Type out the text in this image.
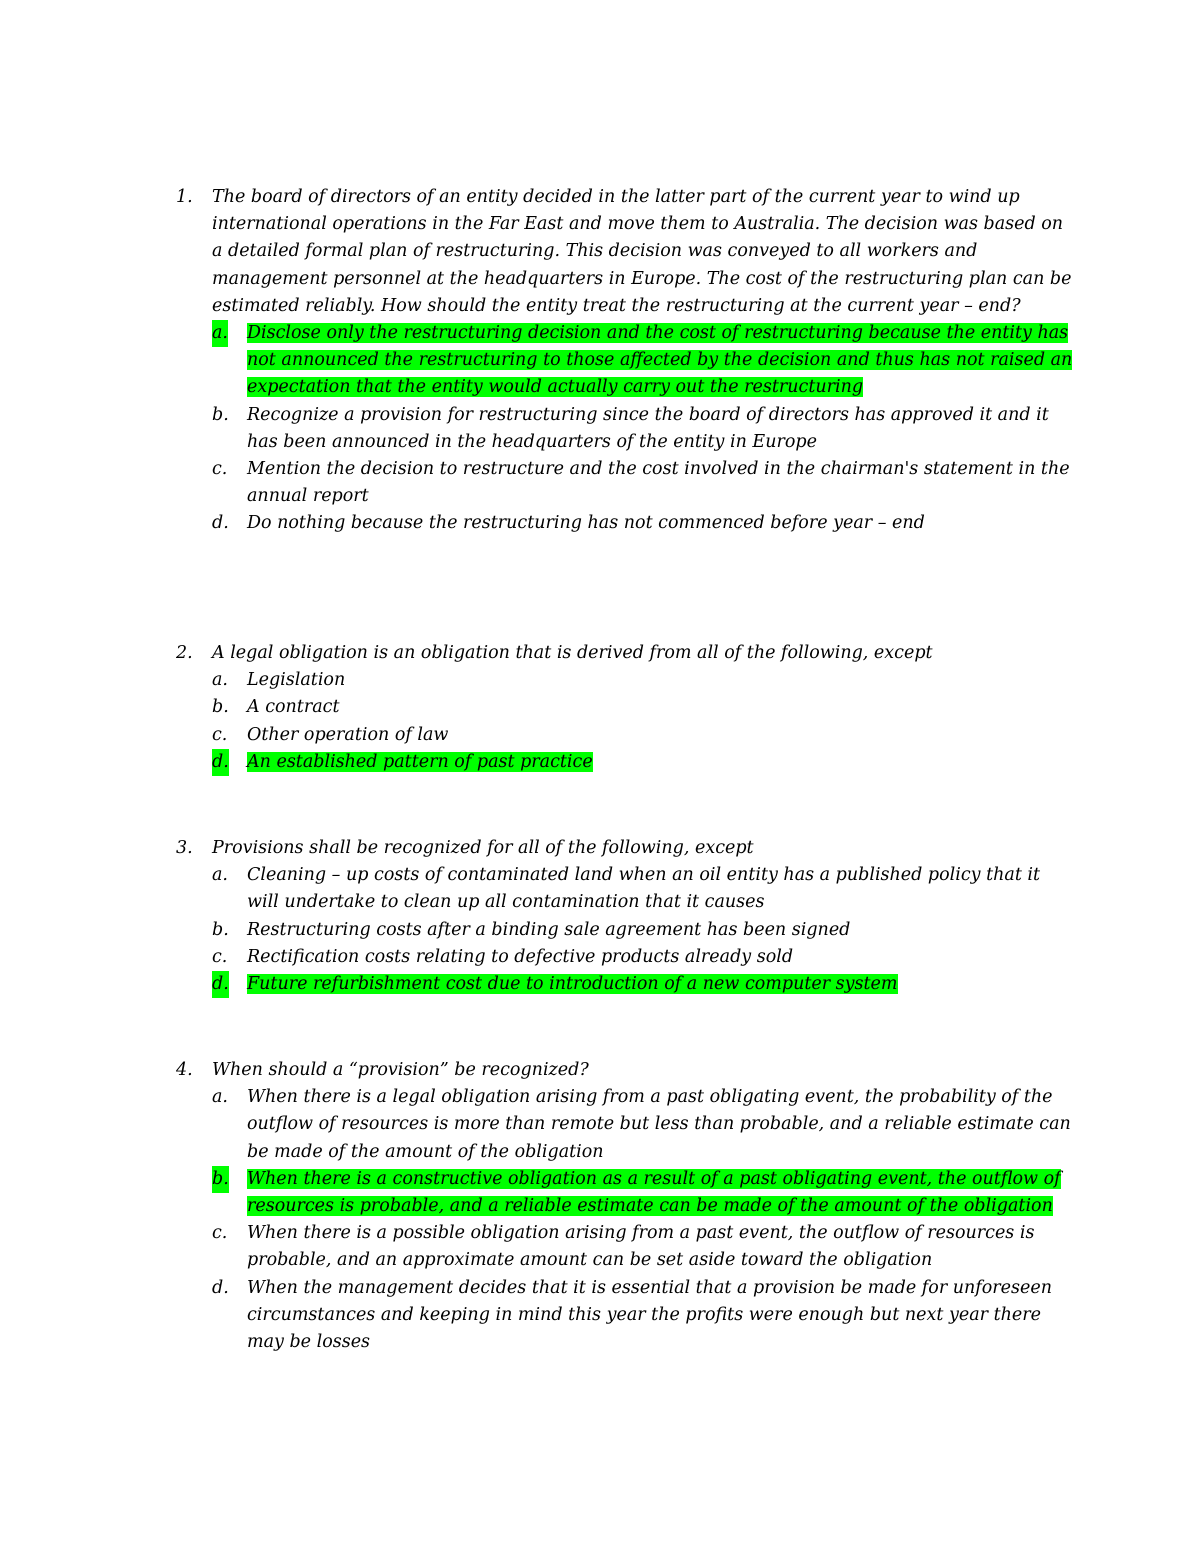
1. The board of directors of an entity decided in the latter part of the current year to wind up international operations in the Far East and move them to Australia. The decision was based on a detailed formal plan of restructuring. This decision was conveyed to all workers and management personnel at the headquarters in Europe. The cost of the restructuring plan can be estimated reliably. How should the entity treat the restructuring at the current year – end?
a. Disclose only the restructuring decision and the cost of restructuring because the entity has not announced the restructuring to those affected by the decision and thus has not raised an expectation that the entity would actually carry out the restructuring
b. Recognize a provision for restructuring since the board of directors has approved it and it has been announced in the headquarters of the entity in Europe
c. Mention the decision to restructure and the cost involved in the chairman's statement in the annual report
d. Do nothing because the restructuring has not commenced before year – end
2. A legal obligation is an obligation that is derived from all of the following, except
a. Legislation
b. A contract
c. Other operation of law
d. An established pattern of past practice
3. Provisions shall be recognized for all of the following, except
a. Cleaning – up costs of contaminated land when an oil entity has a published policy that it will undertake to clean up all contamination that it causes
b. Restructuring costs after a binding sale agreement has been signed
c. Rectification costs relating to defective products already sold
d. Future refurbishment cost due to introduction of a new computer system
4. When should a “provision” be recognized?
a. When there is a legal obligation arising from a past obligating event, the probability of the outflow of resources is more than remote but less than probable, and a reliable estimate can be made of the amount of the obligation
b. When there is a constructive obligation as a result of a past obligating event, the outflow of resources is probable, and a reliable estimate can be made of the amount of the obligation
c. When there is a possible obligation arising from a past event, the outflow of resources is probable, and an approximate amount can be set aside toward the obligation
d. When the management decides that it is essential that a provision be made for unforeseen circumstances and keeping in mind this year the profits were enough but next year there may be losses
